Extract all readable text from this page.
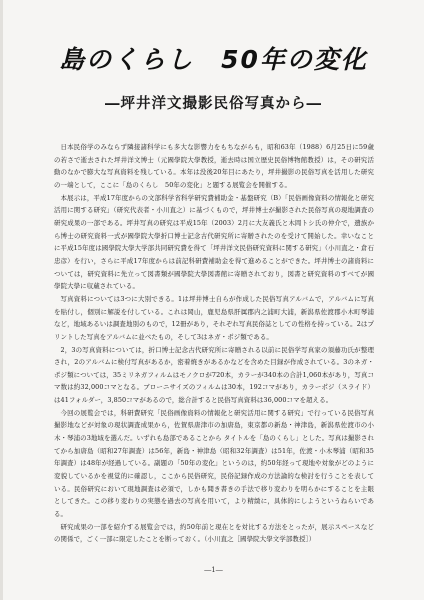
島のくらし　50年の変化
―坪井洋文撮影民俗写真から―

日本民俗学のみならず隣接諸科学にも多大な影響力をもちながらも，昭和63年（1988）6月25日に59歳の若さで逝去された坪井洋文博士（元國學院大學教授，逝去時は国立歴史民俗博物館教授）は，その研究活動のなかで膨大な写真資料を残している。本年は没後20年目にあたり，坪井撮影の民俗写真を活用した研究の一端として，ここに「島のくらし　50年の変化」と題する展覧会を開催する。

本展示は，平成17年度からの文部科学省科学研究費補助金・基盤研究（B）「民俗画像資料の情報化と研究活用に関する研究」（研究代表者・小川直之）に基づくもので，坪井博士が撮影された民俗写真の現地調査の研究成果の一部である。坪井写真の研究は平成15年（2003）2月に大友義氏と木岡トシ氏の仲介で，遺族から博士の研究資料一式が國學院大學折口博士記念古代研究所に寄贈されたのを受けて開始した。幸いなことに平成15年度は國學院大學大学部共同研究費を得て「坪井洋文民俗研究資料に関する研究」（小川直之・倉石忠彦）を行い，さらに平成17年度からは前記科研費補助金を得て進めることができた。坪井博士の諸資料については，研究資料に先立って図書類が國學院大學図書館に寄贈されており，図書と研究資料のすべてが國學院大學に収蔵されている。

写真資料については3つに大別できる。1は坪井博士自らが作成した民俗写真アルバムで，アルバムに写真を貼付し，個別に解説を付している。これは岡山，鹿児島県肝属郡内之浦町大浦，新潟県佐渡郡小木町琴浦など，地域あるいは調査地別のもので，12冊があり，それぞれ写真民俗誌としての性格を持っている。2はプリントした写真をアルバムに並べたもの，そして3はネガ・ポジ類である。

2，3の写真資料については，折口博士記念古代研究所に寄贈される以前に民俗学写真家の須藤功氏が整理され，2のアルバムに検付写真があるか，密着焼きがあるかなどを含めた目録が作成されている。3のネガ・ポジ類については，35ミリネガフィルムはモノクロが720本，カラーが340本の合計1,060本があり，写真コマ数は約32,000コマとなる。ブローニサイズのフィルムは30本，192コマがあり，カラーポジ（スライド）は41フォルダー，3,850コマがあるので，総合計すると民俗写真資料は36,000コマを超える。

今回の展覧会では，科研費研究「民俗画像資料の情報化と研究活用に関する研究」で行っている民俗写真撮影地などが対象の現状調査成果から，佐賀県唐津市の加唐島，東京都の新島・神津島，新潟県佐渡市の小木・琴浦の3地域を選んだ。いずれも島部であることから タイトルを「島のくらし」とした。写真は撮影されてから加唐島（昭和27年調査）は56年，新島・神津島（昭和32年調査）は51年，佐渡・小木琴浦（昭和35年調査）は48年が経過している。副題の「50年の変化」というのは，約50年経って現地や対象がどのように変貌しているかを視覚的に確認し，ここから民俗研究，民俗記録作成の方法論的な検討を行うことを表している。民俗研究において現地調査は必須で，しかも聞き書きの手法で移り変わりを明らかにすることを主眼としてきた。この移り変わりの実態を過去の写真を用いて，より精緻に，具体的にしようというねらいである。

研究成果の一部を紹介する展覧会では，約50年前と現在とを対比する方法をとったが，展示スペースなどの関係で，ごく一部に限定したことを断っておく。（小川直之［國學院大學文学部教授］）

―1―
